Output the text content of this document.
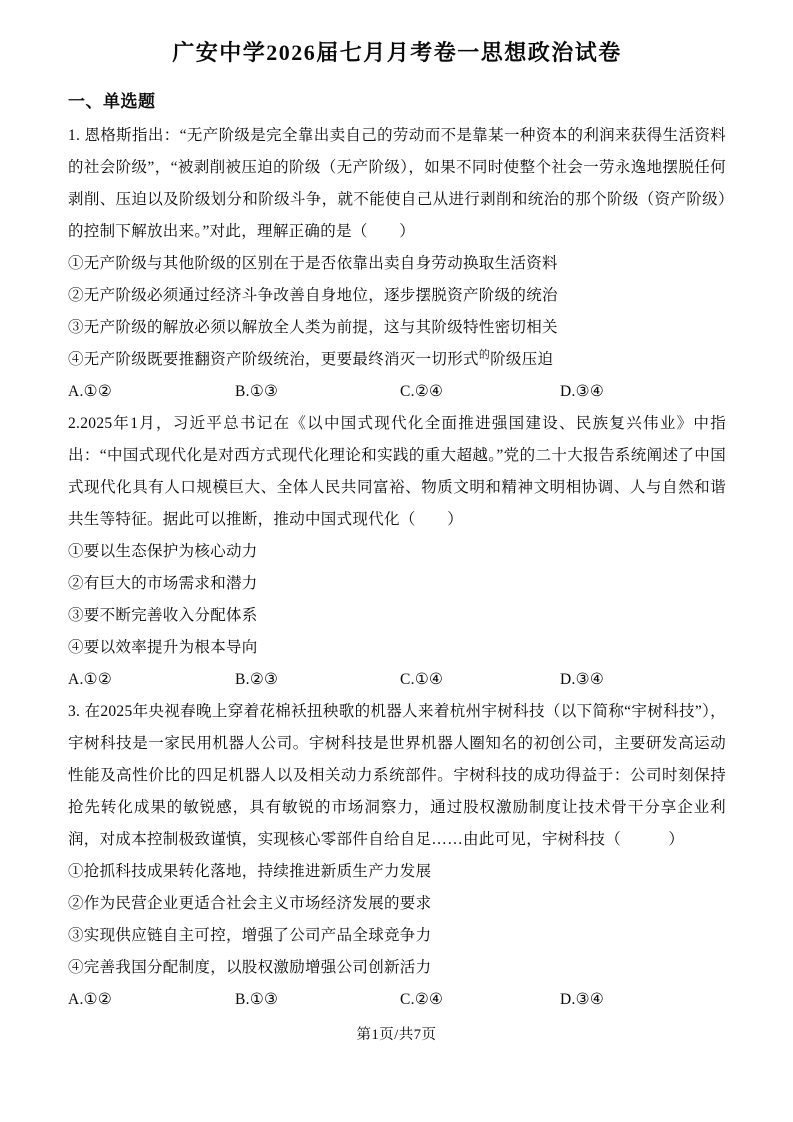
广安中学2026届七月月考卷一思想政治试卷
一、单选题

1. 恩格斯指出：“无产阶级是完全靠出卖自己的劳动而不是靠某一种资本的利润来获得生活资料的社会阶级”，“被剥削被压迫的阶级（无产阶级），如果不同时使整个社会一劳永逸地摆脱任何剥削、压迫以及阶级划分和阶级斗争，就不能使自己从进行剥削和统治的那个阶级（资产阶级）的控制下解放出来。”对此，理解正确的是（　　）

①无产阶级与其他阶级的区别在于是否依靠出卖自身劳动换取生活资料

②无产阶级必须通过经济斗争改善自身地位，逐步摆脱资产阶级的统治

③无产阶级的解放必须以解放全人类为前提，这与其阶级特性密切相关

④无产阶级既要推翻资产阶级统治，更要最终消灭一切形式$^的$阶级压迫

A.①②	B.①③	C.②④	D.③④

2.2025年1月，习近平总书记在《以中国式现代化全面推进强国建设、民族复兴伟业》中指出：“中国式现代化是对西方式现代化理论和实践的重大超越。”党的二十大报告系统阐述了中国式现代化具有人口规模巨大、全体人民共同富裕、物质文明和精神文明相协调、人与自然和谐共生等特征。据此可以推断，推动中国式现代化（　　）

①要以生态保护为核心动力

②有巨大的市场需求和潜力

③要不断完善收入分配体系

④要以效率提升为根本导向

A.①②	B.②③	C.①④	D.③④

3. 在2025年央视春晚上穿着花棉袄扭秧歌的机器人来着杭州宇树科技（以下简称“宇树科技”），宇树科技是一家民用机器人公司。宇树科技是世界机器人圈知名的初创公司，主要研发高运动性能及高性价比的四足机器人以及相关动力系统部件。宇树科技的成功得益于：公司时刻保持抢先转化成果的敏锐感，具有敏锐的市场洞察力，通过股权激励制度让技术骨干分享企业利润，对成本控制极致谨慎，实现核心零部件自给自足……由此可见，宇树科技（　　　）

①抢抓科技成果转化落地，持续推进新质生产力发展

②作为民营企业更适合社会主义市场经济发展的要求

③实现供应链自主可控，增强了公司产品全球竞争力

④完善我国分配制度，以股权激励增强公司创新活力

A.①②	B.①③	C.②④	D.③④
第1页/共7页
